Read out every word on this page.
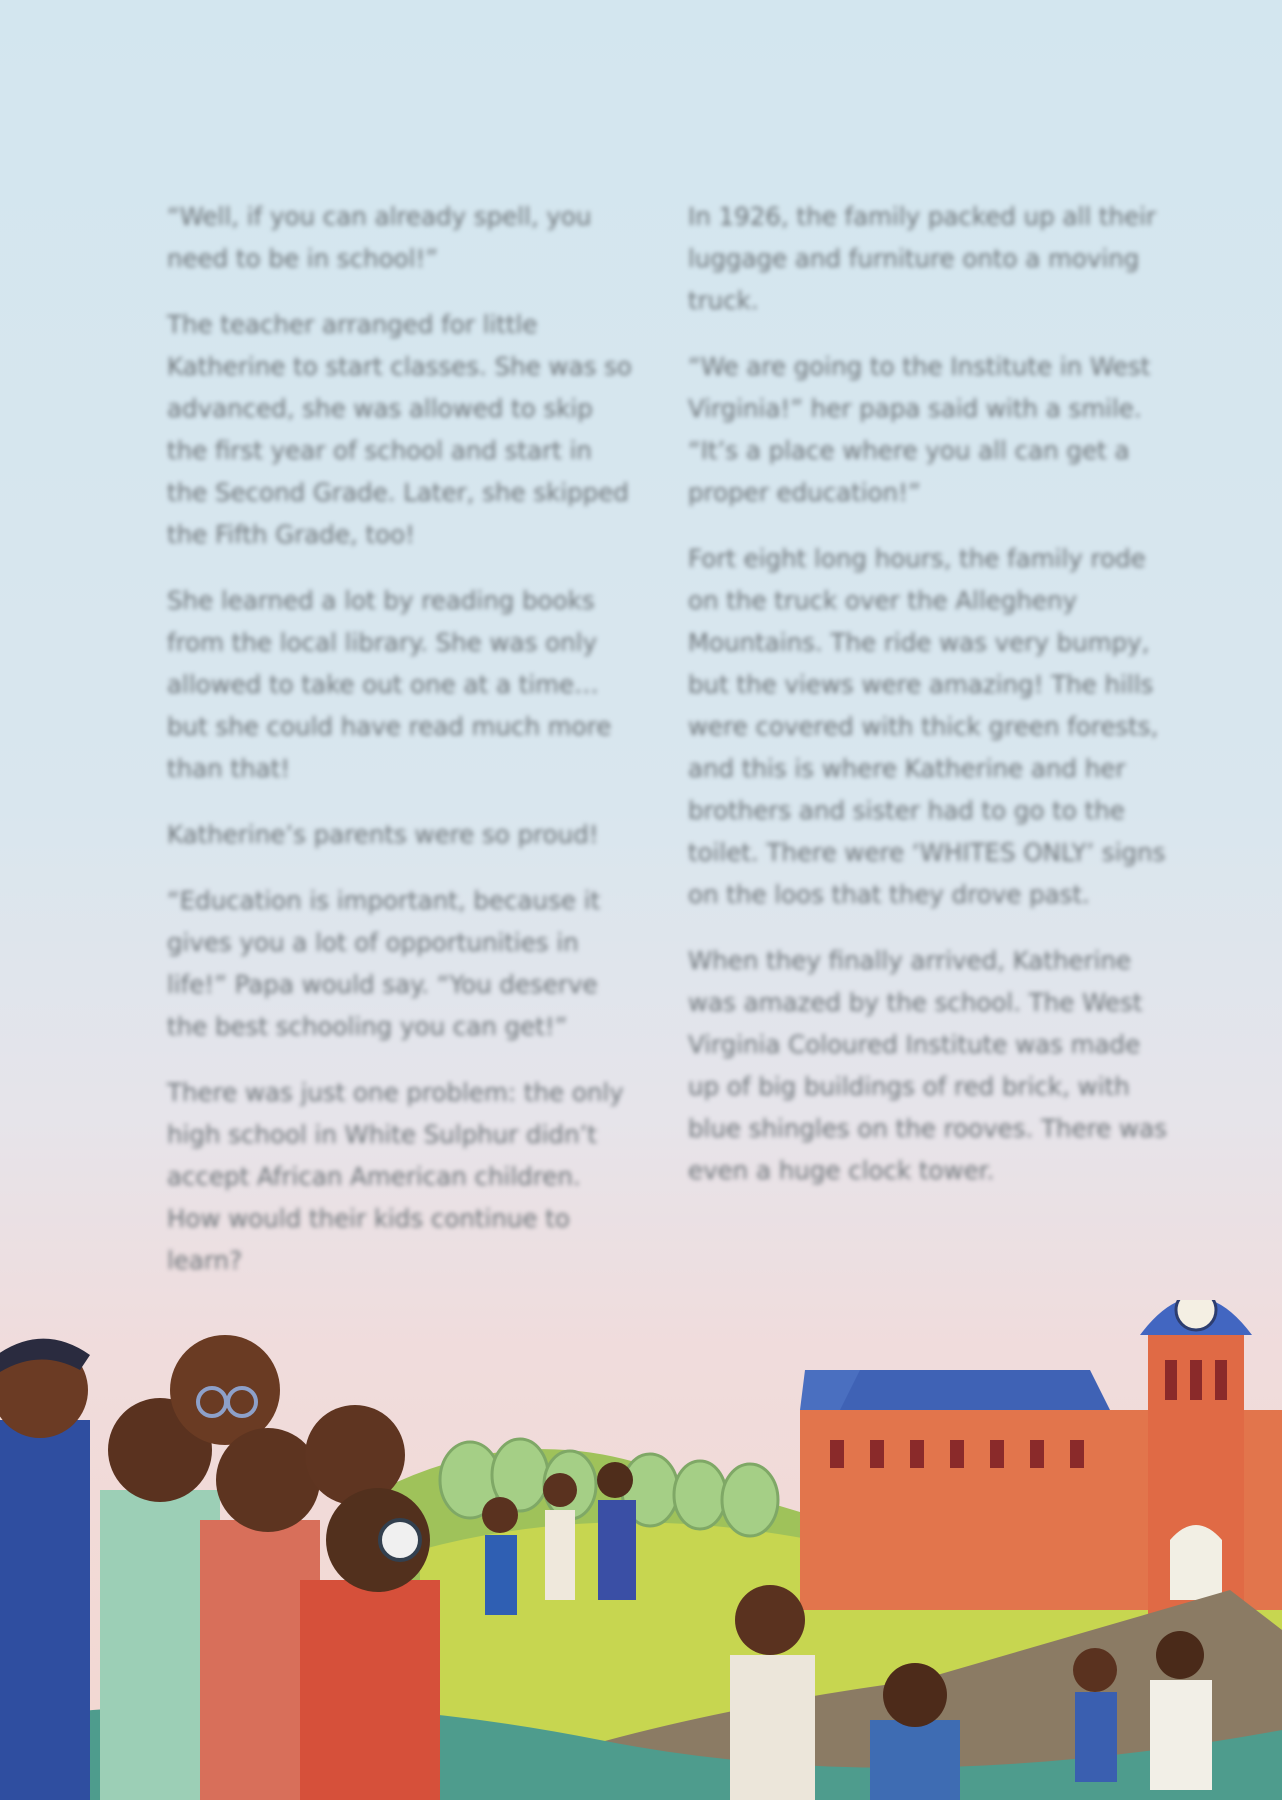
“Well, if you can already spell, you need to be in school!”

The teacher arranged for little Katherine to start classes. She was so advanced, she was allowed to skip the first year of school and start in the Second Grade. Later, she skipped the Fifth Grade, too!

She learned a lot by reading books from the local library. She was only allowed to take out one at a time… but she could have read much more than that!

Katherine’s parents were so proud!

“Education is important, because it gives you a lot of opportunities in life!” Papa would say. “You deserve the best schooling you can get!”

There was just one problem: the only high school in White Sulphur didn’t accept African American children. How would their kids continue to learn?

In 1926, the family packed up all their luggage and furniture onto a moving truck.

“We are going to the Institute in West Virginia!” her papa said with a smile. “It’s a place where you all can get a proper education!”

Fort eight long hours, the family rode on the truck over the Allegheny Mountains. The ride was very bumpy, but the views were amazing! The hills were covered with thick green forests, and this is where Katherine and her brothers and sister had to go to the toilet. There were ‘WHITES ONLY’ signs on the loos that they drove past.

When they finally arrived, Katherine was amazed by the school. The West Virginia Coloured Institute was made up of big buildings of red brick, with blue shingles on the rooves. There was even a huge clock tower.
